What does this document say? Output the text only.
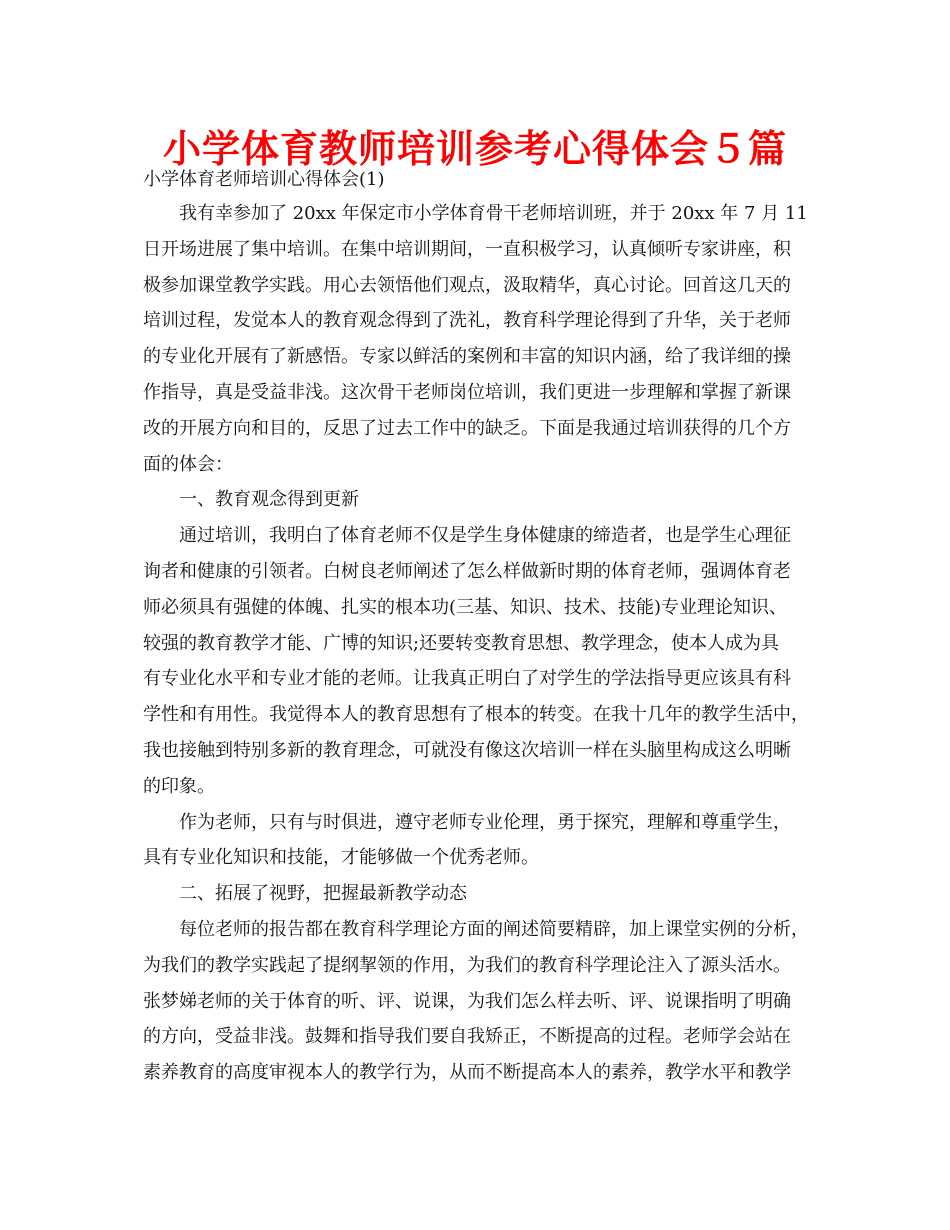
小学体育教师培训参考心得体会５篇
小学体育老师培训心得体会(1)
我有幸参加了 20xx 年保定市小学体育骨干老师培训班，并于 20xx 年 7 月 11
日开场进展了集中培训。在集中培训期间，一直积极学习，认真倾听专家讲座，积
极参加课堂教学实践。用心去领悟他们观点，汲取精华，真心讨论。回首这几天的
培训过程，发觉本人的教育观念得到了洗礼，教育科学理论得到了升华，关于老师
的专业化开展有了新感悟。专家以鲜活的案例和丰富的知识内涵，给了我详细的操
作指导，真是受益非浅。这次骨干老师岗位培训，我们更进一步理解和掌握了新课
改的开展方向和目的，反思了过去工作中的缺乏。下面是我通过培训获得的几个方
面的体会：
一、教育观念得到更新
通过培训，我明白了体育老师不仅是学生身体健康的缔造者，也是学生心理征
询者和健康的引领者。白树良老师阐述了怎么样做新时期的体育老师，强调体育老
师必须具有强健的体魄、扎实的根本功(三基、知识、技术、技能)专业理论知识、
较强的教育教学才能、广博的知识;还要转变教育思想、教学理念，使本人成为具
有专业化水平和专业才能的老师。让我真正明白了对学生的学法指导更应该具有科
学性和有用性。我觉得本人的教育思想有了根本的转变。在我十几年的教学生活中，
我也接触到特别多新的教育理念，可就没有像这次培训一样在头脑里构成这么明晰
的印象。
作为老师，只有与时俱进，遵守老师专业伦理，勇于探究，理解和尊重学生，
具有专业化知识和技能，才能够做一个优秀老师。
二、拓展了视野，把握最新教学动态
每位老师的报告都在教育科学理论方面的阐述简要精辟，加上课堂实例的分析，
为我们的教学实践起了提纲挈领的作用，为我们的教育科学理论注入了源头活水。
张梦娣老师的关于体育的听、评、说课，为我们怎么样去听、评、说课指明了明确
的方向，受益非浅。鼓舞和指导我们要自我矫正，不断提高的过程。老师学会站在
素养教育的高度审视本人的教学行为，从而不断提高本人的素养，教学水平和教学
